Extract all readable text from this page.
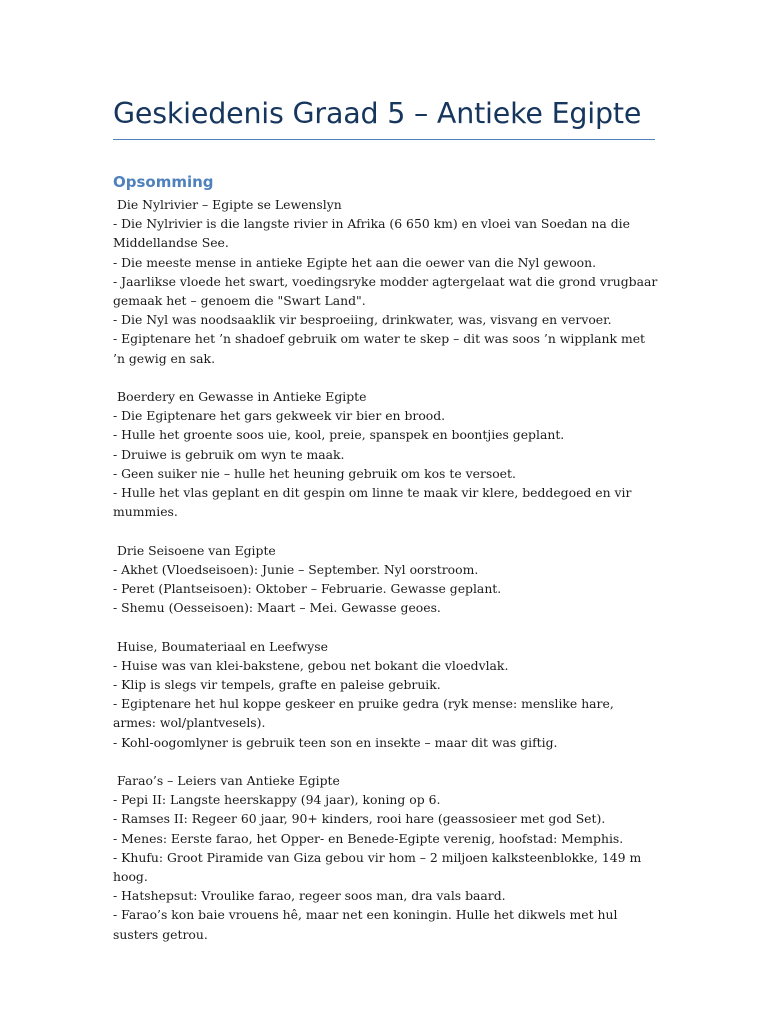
Geskiedenis Graad 5 – Antieke Egipte
Opsomming
Die Nylrivier – Egipte se Lewenslyn
- Die Nylrivier is die langste rivier in Afrika (6 650 km) en vloei van Soedan na die Middellandse See.
- Die meeste mense in antieke Egipte het aan die oewer van die Nyl gewoon.
- Jaarlikse vloede het swart, voedingsryke modder agtergelaat wat die grond vrugbaar gemaak het – genoem die "Swart Land".
- Die Nyl was noodsaaklik vir besproeiing, drinkwater, was, visvang en vervoer.
- Egiptenare het ’n shadoef gebruik om water te skep – dit was soos ’n wipplank met ’n gewig en sak.
Boerdery en Gewasse in Antieke Egipte
- Die Egiptenare het gars gekweek vir bier en brood.
- Hulle het groente soos uie, kool, preie, spanspek en boontjies geplant.
- Druiwe is gebruik om wyn te maak.
- Geen suiker nie – hulle het heuning gebruik om kos te versoet.
- Hulle het vlas geplant en dit gespin om linne te maak vir klere, beddegoed en vir mummies.
Drie Seisoene van Egipte
- Akhet (Vloedseisoen): Junie – September. Nyl oorstroom.
- Peret (Plantseisoen): Oktober – Februarie. Gewasse geplant.
- Shemu (Oesseisoen): Maart – Mei. Gewasse geoes.
Huise, Boumateriaal en Leefwyse
- Huise was van klei-bakstene, gebou net bokant die vloedvlak.
- Klip is slegs vir tempels, grafte en paleise gebruik.
- Egiptenare het hul koppe geskeer en pruike gedra (ryk mense: menslike hare, armes: wol/plantvesels).
- Kohl-oogomlyner is gebruik teen son en insekte – maar dit was giftig.
Farao’s – Leiers van Antieke Egipte
- Pepi II: Langste heerskappy (94 jaar), koning op 6.
- Ramses II: Regeer 60 jaar, 90+ kinders, rooi hare (geassosieer met god Set).
- Menes: Eerste farao, het Opper- en Benede-Egipte verenig, hoofstad: Memphis.
- Khufu: Groot Piramide van Giza gebou vir hom – 2 miljoen kalksteenblokke, 149 m hoog.
- Hatshepsut: Vroulike farao, regeer soos man, dra vals baard.
- Farao’s kon baie vrouens hê, maar net een koningin. Hulle het dikwels met hul susters getrou.
